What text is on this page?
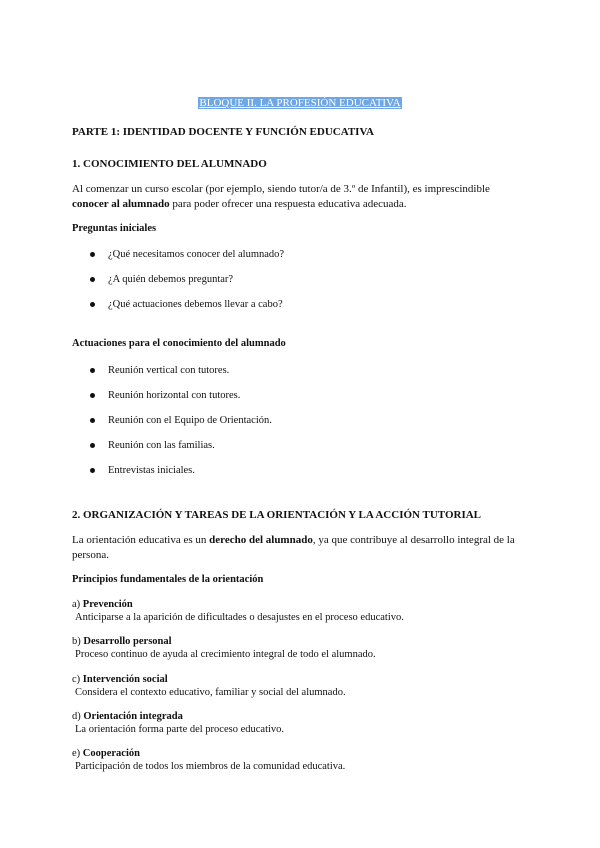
BLOQUE II. LA PROFESIÓN EDUCATIVA
PARTE 1: IDENTIDAD DOCENTE Y FUNCIÓN EDUCATIVA
1. CONOCIMIENTO DEL ALUMNADO
Al comenzar un curso escolar (por ejemplo, siendo tutor/a de 3.º de Infantil), es imprescindible
conocer al alumnado para poder ofrecer una respuesta educativa adecuada.
Preguntas iniciales
¿Qué necesitamos conocer del alumnado?
¿A quién debemos preguntar?
¿Qué actuaciones debemos llevar a cabo?
Actuaciones para el conocimiento del alumnado
Reunión vertical con tutores.
Reunión horizontal con tutores.
Reunión con el Equipo de Orientación.
Reunión con las familias.
Entrevistas iniciales.
2. ORGANIZACIÓN Y TAREAS DE LA ORIENTACIÓN Y LA ACCIÓN TUTORIAL
La orientación educativa es un derecho del alumnado, ya que contribuye al desarrollo integral de la persona.
Principios fundamentales de la orientación
a) Prevención
Anticiparse a la aparición de dificultades o desajustes en el proceso educativo.
b) Desarrollo personal
Proceso continuo de ayuda al crecimiento integral de todo el alumnado.
c) Intervención social
Considera el contexto educativo, familiar y social del alumnado.
d) Orientación integrada
La orientación forma parte del proceso educativo.
e) Cooperación
Participación de todos los miembros de la comunidad educativa.
